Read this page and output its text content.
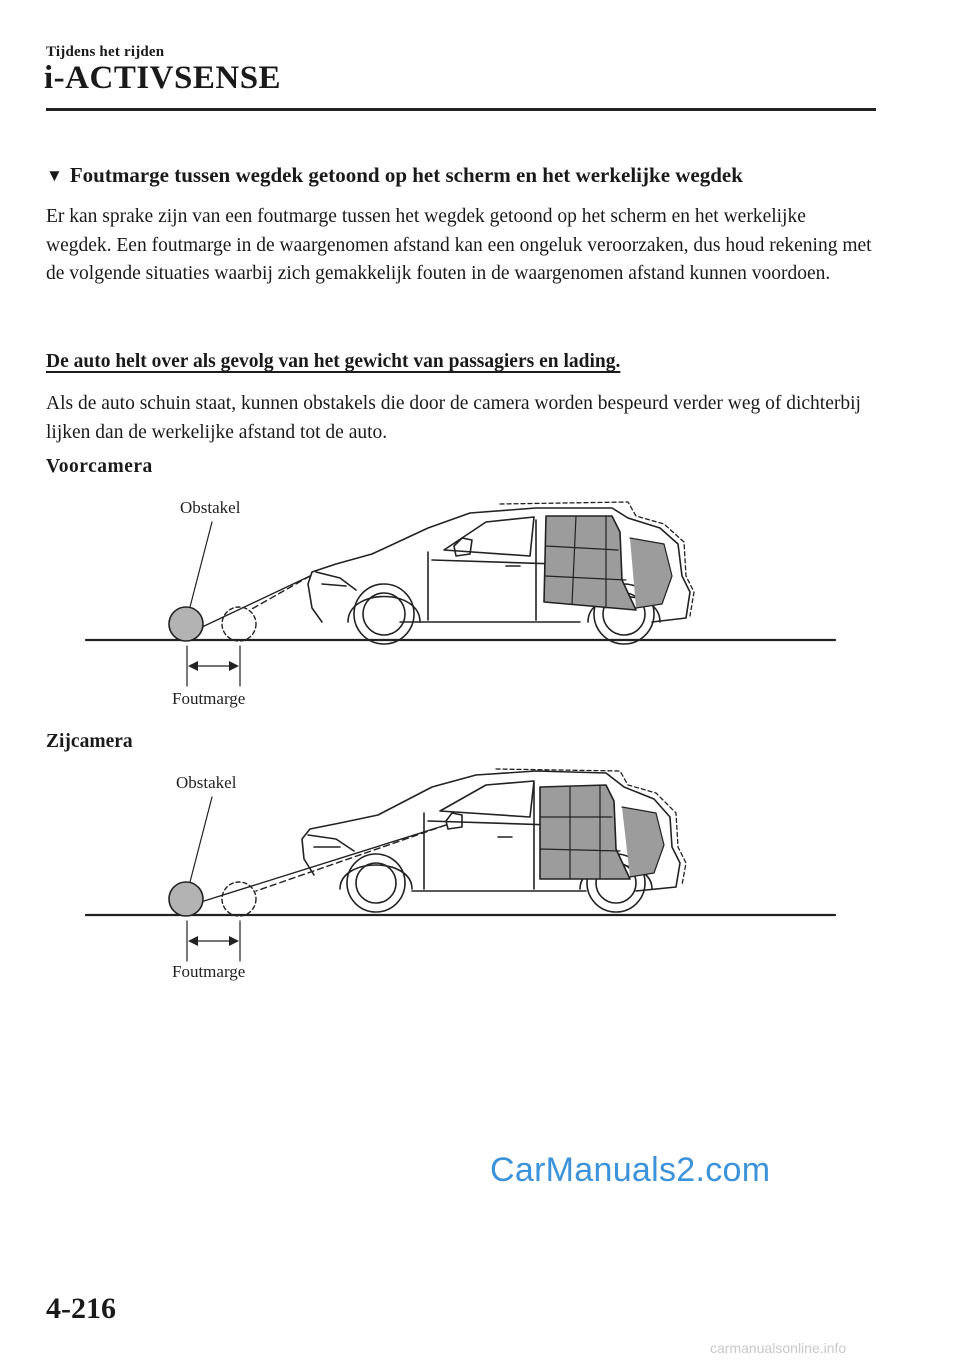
Tijdens het rijden
i-ACTIVSENSE
▼ Foutmarge tussen wegdek getoond op het scherm en het werkelijke wegdek
Er kan sprake zijn van een foutmarge tussen het wegdek getoond op het scherm en het werkelijke wegdek. Een foutmarge in de waargenomen afstand kan een ongeluk veroorzaken, dus houd rekening met de volgende situaties waarbij zich gemakkelijk fouten in de waargenomen afstand kunnen voordoen.
De auto helt over als gevolg van het gewicht van passagiers en lading.
Als de auto schuin staat, kunnen obstakels die door de camera worden bespeurd verder weg of dichterbij lijken dan de werkelijke afstand tot de auto.
Voorcamera
Obstakel
Foutmarge
Zijcamera
Obstakel
Foutmarge
CarManuals2.com
4-216
carmanualsonline.info
